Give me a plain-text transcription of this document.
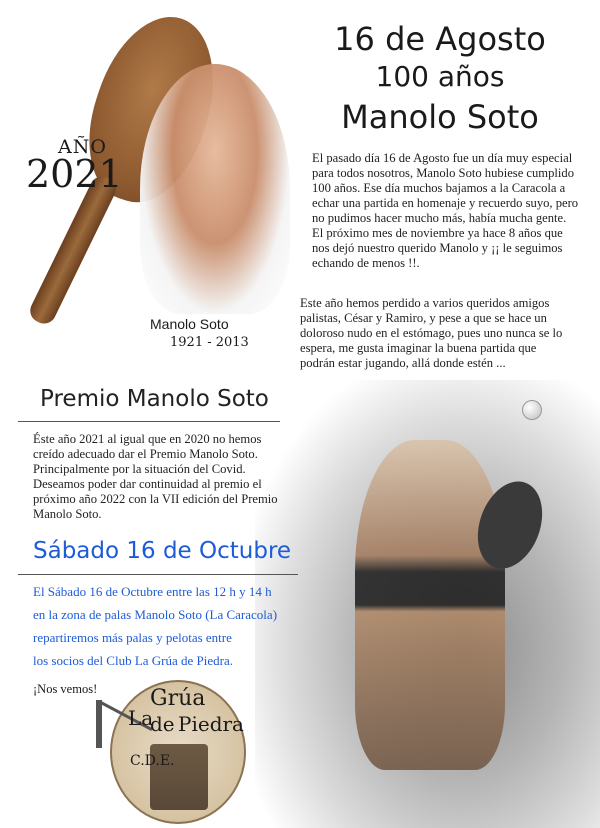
AÑO
2021
Manolo Soto
1921 - 2013
16 de Agosto
100 años
Manolo Soto
El pasado día 16 de Agosto fue un día muy especial para todos nosotros, Manolo Soto hubiese cumplido 100 años. Ese día muchos bajamos a la Caracola a echar una partida en homenaje y recuerdo suyo, pero no pudimos hacer mucho más, había mucha gente. El próximo mes de noviembre ya hace 8 años que nos dejó nuestro querido Manolo y ¡¡ le seguimos echando de menos !!.
Este año hemos perdido a varios queridos amigos palistas, César y Ramiro, y pese a que se hace un doloroso nudo en el estómago, pues uno nunca se lo espera, me gusta imaginar la buena partida que podrán estar jugando, allá donde estén ...
Premio Manolo Soto
Éste año 2021 al igual que en 2020 no hemos creído adecuado dar el Premio Manolo Soto. Principalmente por la situación del Covid. Deseamos poder dar continuidad al premio el próximo año 2022 con la VII edición del Premio Manolo Soto.
Sábado 16 de Octubre
El Sábado 16 de Octubre entre las 12 h y 14 h
en la zona de palas Manolo Soto (La Caracola)
repartiremos más palas y pelotas entre
los socios del Club La Grúa de Piedra.
¡Nos vemos!
La
Grúa
de Piedra
C.D.E.
